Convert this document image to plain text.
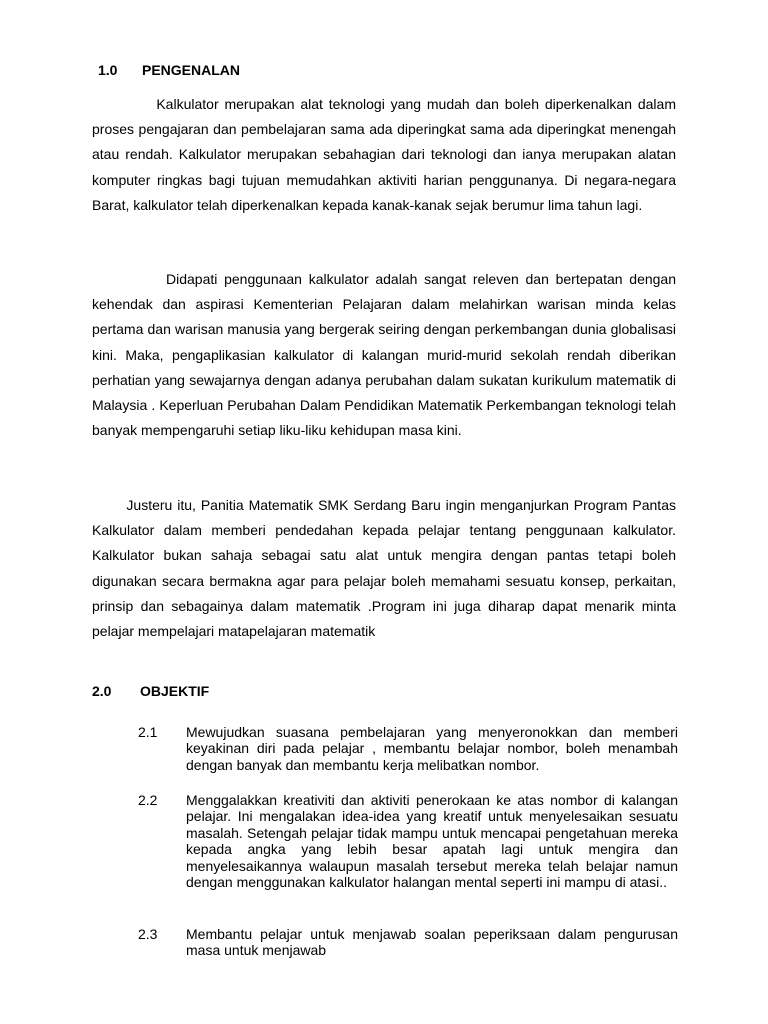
1.0 PENGENALAN

Kalkulator merupakan alat teknologi yang mudah dan boleh diperkenalkan dalam proses pengajaran dan pembelajaran sama ada diperingkat sama ada diperingkat menengah atau rendah. Kalkulator merupakan sebahagian dari teknologi dan ianya merupakan alatan komputer ringkas bagi tujuan memudahkan aktiviti harian penggunanya. Di negara-negara Barat, kalkulator telah diperkenalkan kepada kanak-kanak sejak berumur lima tahun lagi.

Didapati penggunaan kalkulator adalah sangat releven dan bertepatan dengan kehendak dan aspirasi Kementerian Pelajaran dalam melahirkan warisan minda kelas pertama dan warisan manusia yang bergerak seiring dengan perkembangan dunia globalisasi kini. Maka, pengaplikasian kalkulator di kalangan murid-murid sekolah rendah diberikan perhatian yang sewajarnya dengan adanya perubahan dalam sukatan kurikulum matematik di Malaysia . Keperluan Perubahan Dalam Pendidikan Matematik Perkembangan teknologi telah banyak mempengaruhi setiap liku-liku kehidupan masa kini.

Justeru itu, Panitia Matematik SMK Serdang Baru ingin menganjurkan Program Pantas Kalkulator dalam memberi pendedahan kepada pelajar tentang penggunaan kalkulator. Kalkulator bukan sahaja sebagai satu alat untuk mengira dengan pantas tetapi boleh digunakan secara bermakna agar para pelajar boleh memahami sesuatu konsep, perkaitan, prinsip dan sebagainya dalam matematik .Program ini juga diharap dapat menarik minta pelajar mempelajari matapelajaran matematik

2.0 OBJEKTIF
2.1	Mewujudkan suasana pembelajaran yang menyeronokkan dan memberi keyakinan diri pada pelajar , membantu belajar nombor, boleh menambah dengan banyak dan membantu kerja melibatkan nombor.

2.2	Menggalakkan kreativiti dan aktiviti penerokaan ke atas nombor di kalangan pelajar. Ini mengalakan idea-idea yang kreatif untuk menyelesaikan sesuatu masalah. Setengah pelajar tidak mampu untuk mencapai pengetahuan mereka kepada angka yang lebih besar apatah lagi untuk mengira dan menyelesaikannya walaupun masalah tersebut mereka telah belajar namun dengan menggunakan kalkulator halangan mental seperti ini mampu di atasi..

2.3	Membantu pelajar untuk menjawab soalan peperiksaan dalam pengurusan masa untuk menjawab
